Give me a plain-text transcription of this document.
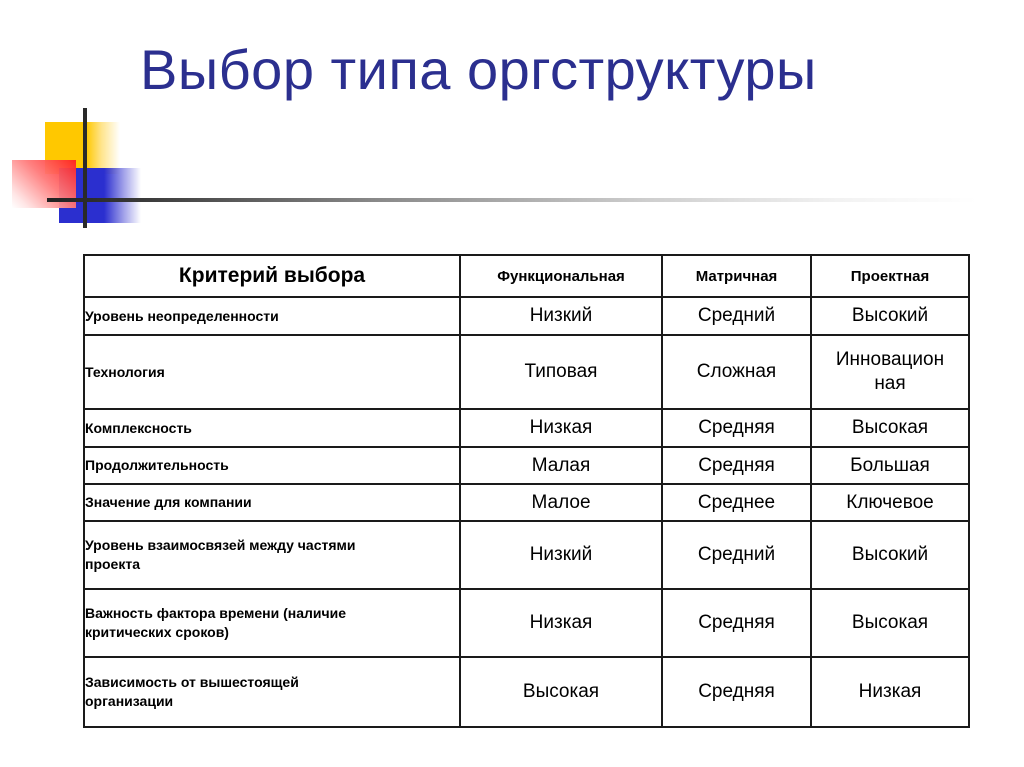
Выбор типа оргструктуры
Критерий выбора	Функциональная	Матричная	Проектная
Уровень неопределенности	Низкий	Средний	Высокий
Технология	Типовая	Сложная	Инновацион ная
Комплексность	Низкая	Средняя	Высокая
Продолжительность	Малая	Средняя	Большая
Значение для компании	Малое	Среднее	Ключевое
Уровень взаимосвязей между частями проекта	Низкий	Средний	Высокий
Важность фактора времени (наличие критических сроков)	Низкая	Средняя	Высокая
Зависимость от вышестоящей организации	Высокая	Средняя	Низкая
